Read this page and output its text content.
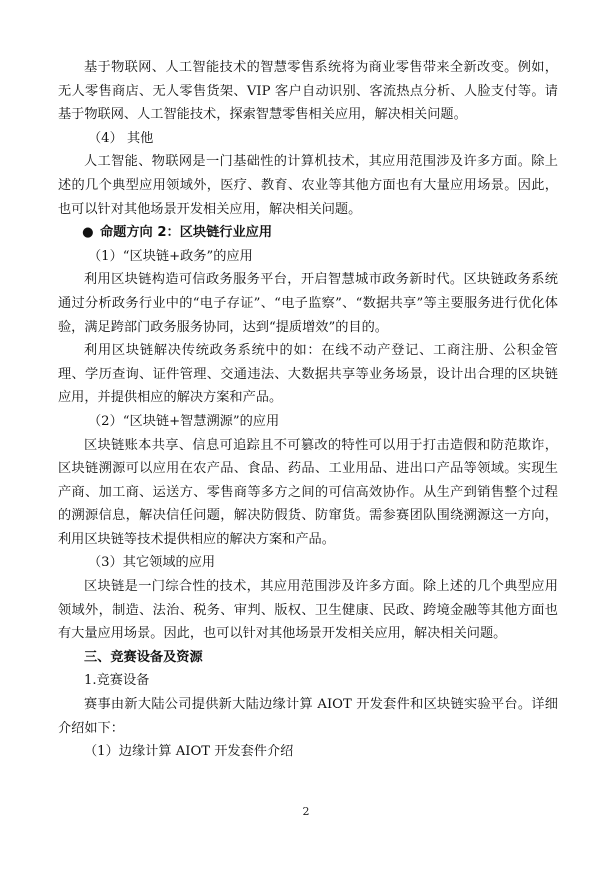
基于物联网、人工智能技术的智慧零售系统将为商业零售带来全新改变。例如，无人零售商店、无人零售货架、VIP 客户自动识别、客流热点分析、人脸支付等。请基于物联网、人工智能技术，探索智慧零售相关应用，解决相关问题。

（4） 其他

人工智能、物联网是一门基础性的计算机技术，其应用范围涉及许多方面。除上述的几个典型应用领域外，医疗、教育、农业等其他方面也有大量应用场景。因此，也可以针对其他场景开发相关应用，解决相关问题。

● 命题方向 2：区块链行业应用

（1）“区块链+政务”的应用

利用区块链构造可信政务服务平台，开启智慧城市政务新时代。区块链政务系统通过分析政务行业中的“电子存证”、“电子监察”、“数据共享”等主要服务进行优化体验，满足跨部门政务服务协同，达到“提质增效”的目的。

利用区块链解决传统政务系统中的如：在线不动产登记、工商注册、公积金管理、学历查询、证件管理、交通违法、大数据共享等业务场景，设计出合理的区块链应用，并提供相应的解决方案和产品。

（2）“区块链+智慧溯源”的应用

区块链账本共享、信息可追踪且不可篡改的特性可以用于打击造假和防范欺诈，区块链溯源可以应用在农产品、食品、药品、工业用品、进出口产品等领域。实现生产商、加工商、运送方、零售商等多方之间的可信高效协作。从生产到销售整个过程的溯源信息，解决信任问题，解决防假货、防窜货。需参赛团队围绕溯源这一方向，利用区块链等技术提供相应的解决方案和产品。

（3）其它领域的应用

区块链是一门综合性的技术，其应用范围涉及许多方面。除上述的几个典型应用领域外，制造、法治、税务、审判、版权、卫生健康、民政、跨境金融等其他方面也有大量应用场景。因此，也可以针对其他场景开发相关应用，解决相关问题。

三、竞赛设备及资源

1.竞赛设备

赛事由新大陆公司提供新大陆边缘计算 AIOT 开发套件和区块链实验平台。详细介绍如下：

（1）边缘计算 AIOT 开发套件介绍

2
